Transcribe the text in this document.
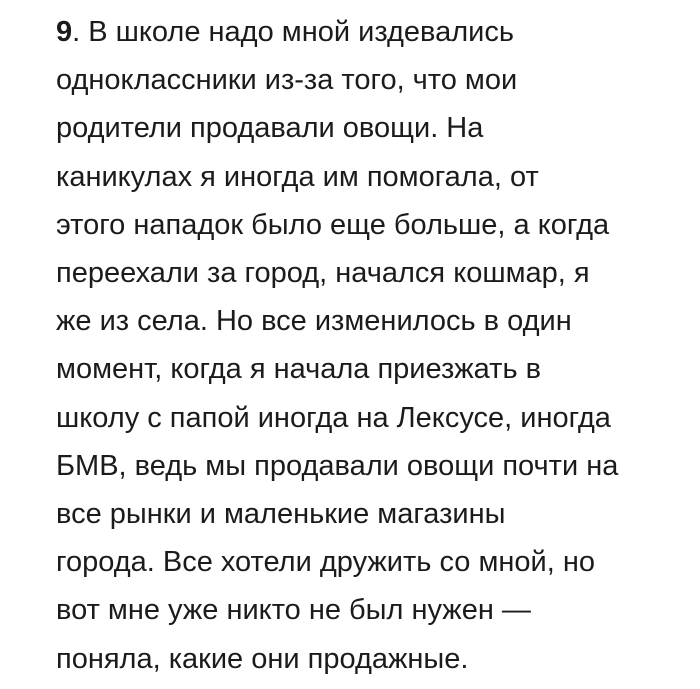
9. В школе надо мной издевались
одноклассники из-за того, что мои
родители продавали овощи. На
каникулах я иногда им помогала, от
этого нападок было еще больше, а когда
переехали за город, начался кошмар, я
же из села. Но все изменилось в один
момент, когда я начала приезжать в
школу с папой иногда на Лексусе, иногда
БМВ, ведь мы продавали овощи почти на
все рынки и маленькие магазины
города. Все хотели дружить со мной, но
вот мне уже никто не был нужен —
поняла, какие они продажные.
